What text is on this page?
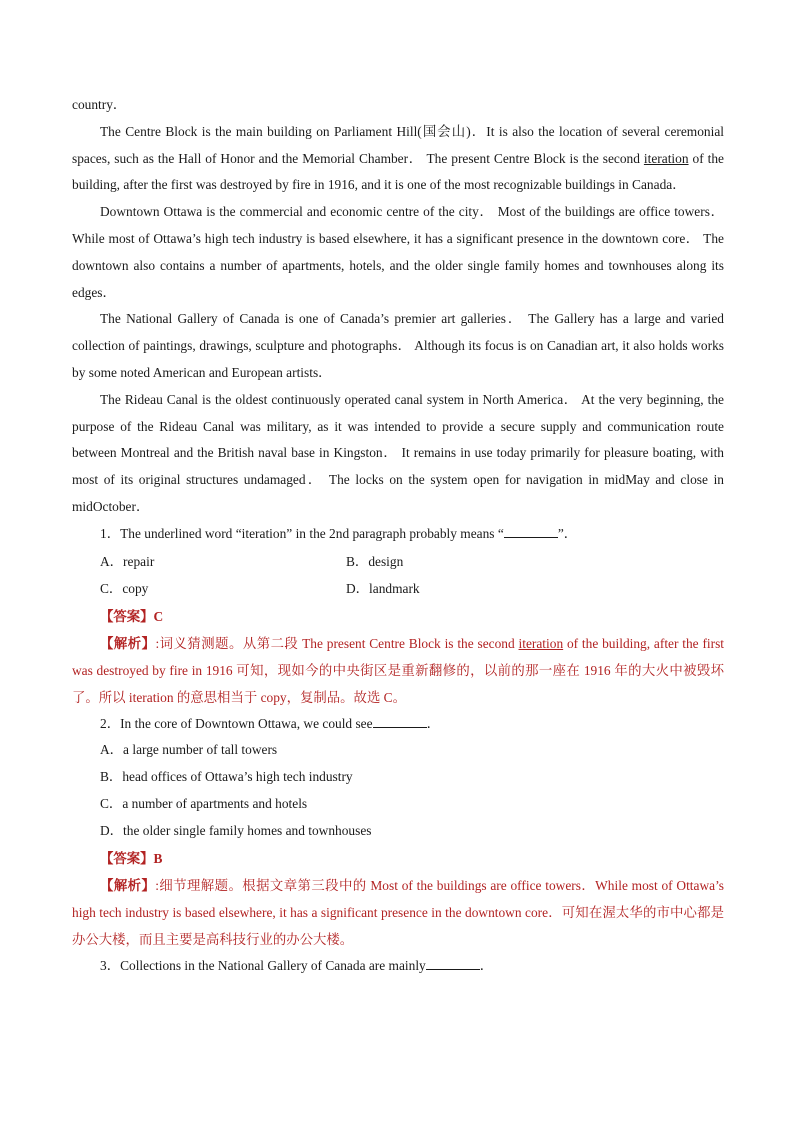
country．

The Centre Block is the main building on Parliament Hill(国会山)．It is also the location of several ceremonial spaces, such as the Hall of Honor and the Memorial Chamber． The present Centre Block is the second iteration of the building, after the first was destroyed by fire in 1916, and it is one of the most recognizable buildings in Canada．

Downtown Ottawa is the commercial and economic centre of the city． Most of the buildings are office towers．While most of Ottawa’s high tech industry is based elsewhere, it has a significant presence in the downtown core． The downtown also contains a number of apartments, hotels, and the older single family homes and townhouses along its edges．

The National Gallery of Canada is one of Canada’s premier art galleries． The Gallery has a large and varied collection of paintings, drawings, sculpture and photographs． Although its focus is on Canadian art, it also holds works by some noted American and European artists．

The Rideau Canal is the oldest continuously operated canal system in North America． At the very beginning, the purpose of the Rideau Canal was military, as it was intended to provide a secure supply and communication route between Montreal and the British naval base in Kingston． It remains in use today primarily for pleasure boating, with most of its original structures undamaged． The locks on the system open for navigation in midMay and close in midOctober．

1．The underlined word “iteration” in the 2nd paragraph probably means “	”．

A．repair	B．design
C．copy	D．landmark

【答案】C

【解析】:词义猜测题。从第二段 The present Centre Block is the second iteration of the building, after the first was destroyed by fire in 1916 可知，现如今的中央街区是重新翻修的，以前的那一座在 1916 年的大火中被毁坏了。所以 iteration 的意思相当于 copy，复制品。故选 C。

2．In the core of Downtown Ottawa, we could see	．

A．a large number of tall towers

B．head offices of Ottawa’s high tech industry

C．a number of apartments and hotels

D．the older single family homes and townhouses

【答案】B

【解析】:细节理解题。根据文章第三段中的 Most of the buildings are office towers．While most of Ottawa’s high tech industry is based elsewhere, it has a significant presence in the downtown core．可知在渥太华的市中心都是办公大楼，而且主要是高科技行业的办公大楼。

3．Collections in the National Gallery of Canada are mainly	．
